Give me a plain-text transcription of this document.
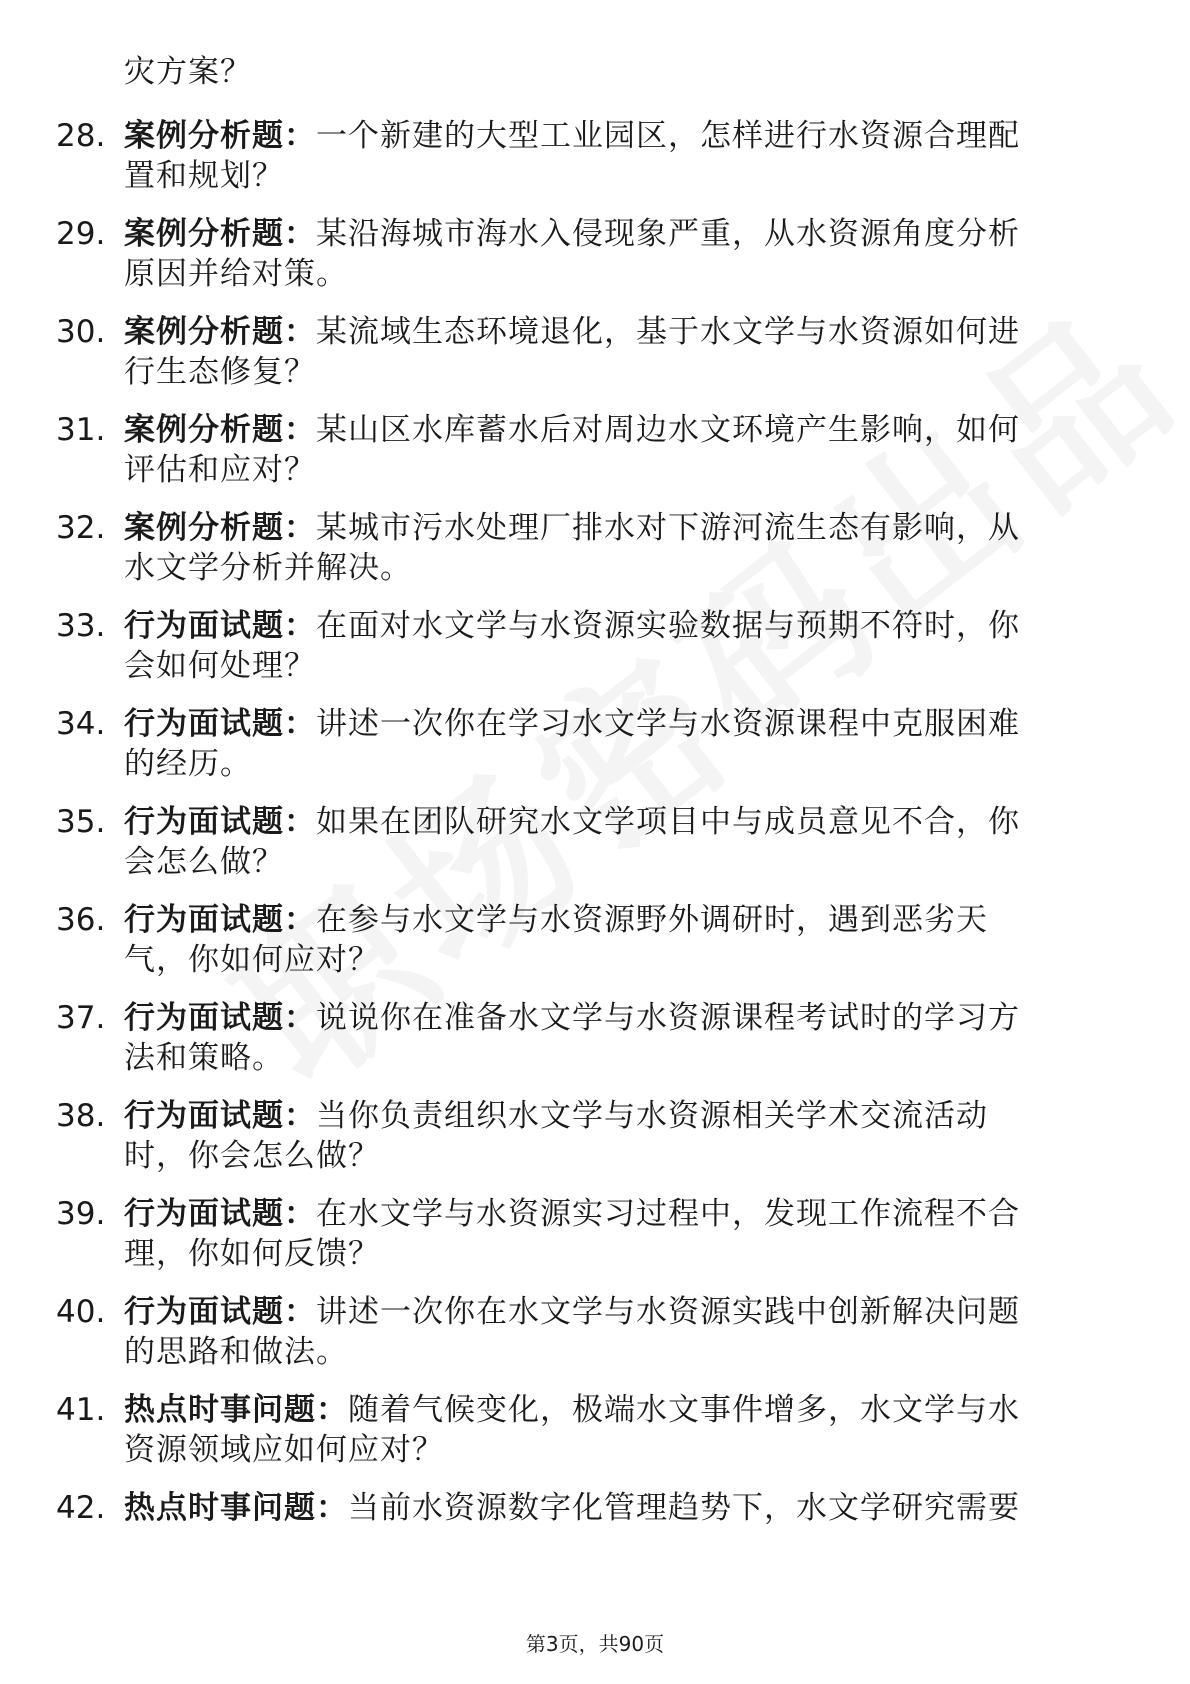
灾方案？
28. 案例分析题：一个新建的大型工业园区，怎样进行水资源合理配
置和规划？
29. 案例分析题：某沿海城市海水入侵现象严重，从水资源角度分析
原因并给对策。
30. 案例分析题：某流域生态环境退化，基于水文学与水资源如何进
行生态修复？
31. 案例分析题：某山区水库蓄水后对周边水文环境产生影响，如何
评估和应对？
32. 案例分析题：某城市污水处理厂排水对下游河流生态有影响，从
水文学分析并解决。
33. 行为面试题：在面对水文学与水资源实验数据与预期不符时，你
会如何处理？
34. 行为面试题：讲述一次你在学习水文学与水资源课程中克服困难
的经历。
35. 行为面试题：如果在团队研究水文学项目中与成员意见不合，你
会怎么做？
36. 行为面试题：在参与水文学与水资源野外调研时，遇到恶劣天
气，你如何应对？
37. 行为面试题：说说你在准备水文学与水资源课程考试时的学习方
法和策略。
38. 行为面试题：当你负责组织水文学与水资源相关学术交流活动
时，你会怎么做？
39. 行为面试题：在水文学与水资源实习过程中，发现工作流程不合
理，你如何反馈？
40. 行为面试题：讲述一次你在水文学与水资源实践中创新解决问题
的思路和做法。
41. 热点时事问题：随着气候变化，极端水文事件增多，水文学与水
资源领域应如何应对？
42. 热点时事问题：当前水资源数字化管理趋势下，水文学研究需要
第3页，共90页
